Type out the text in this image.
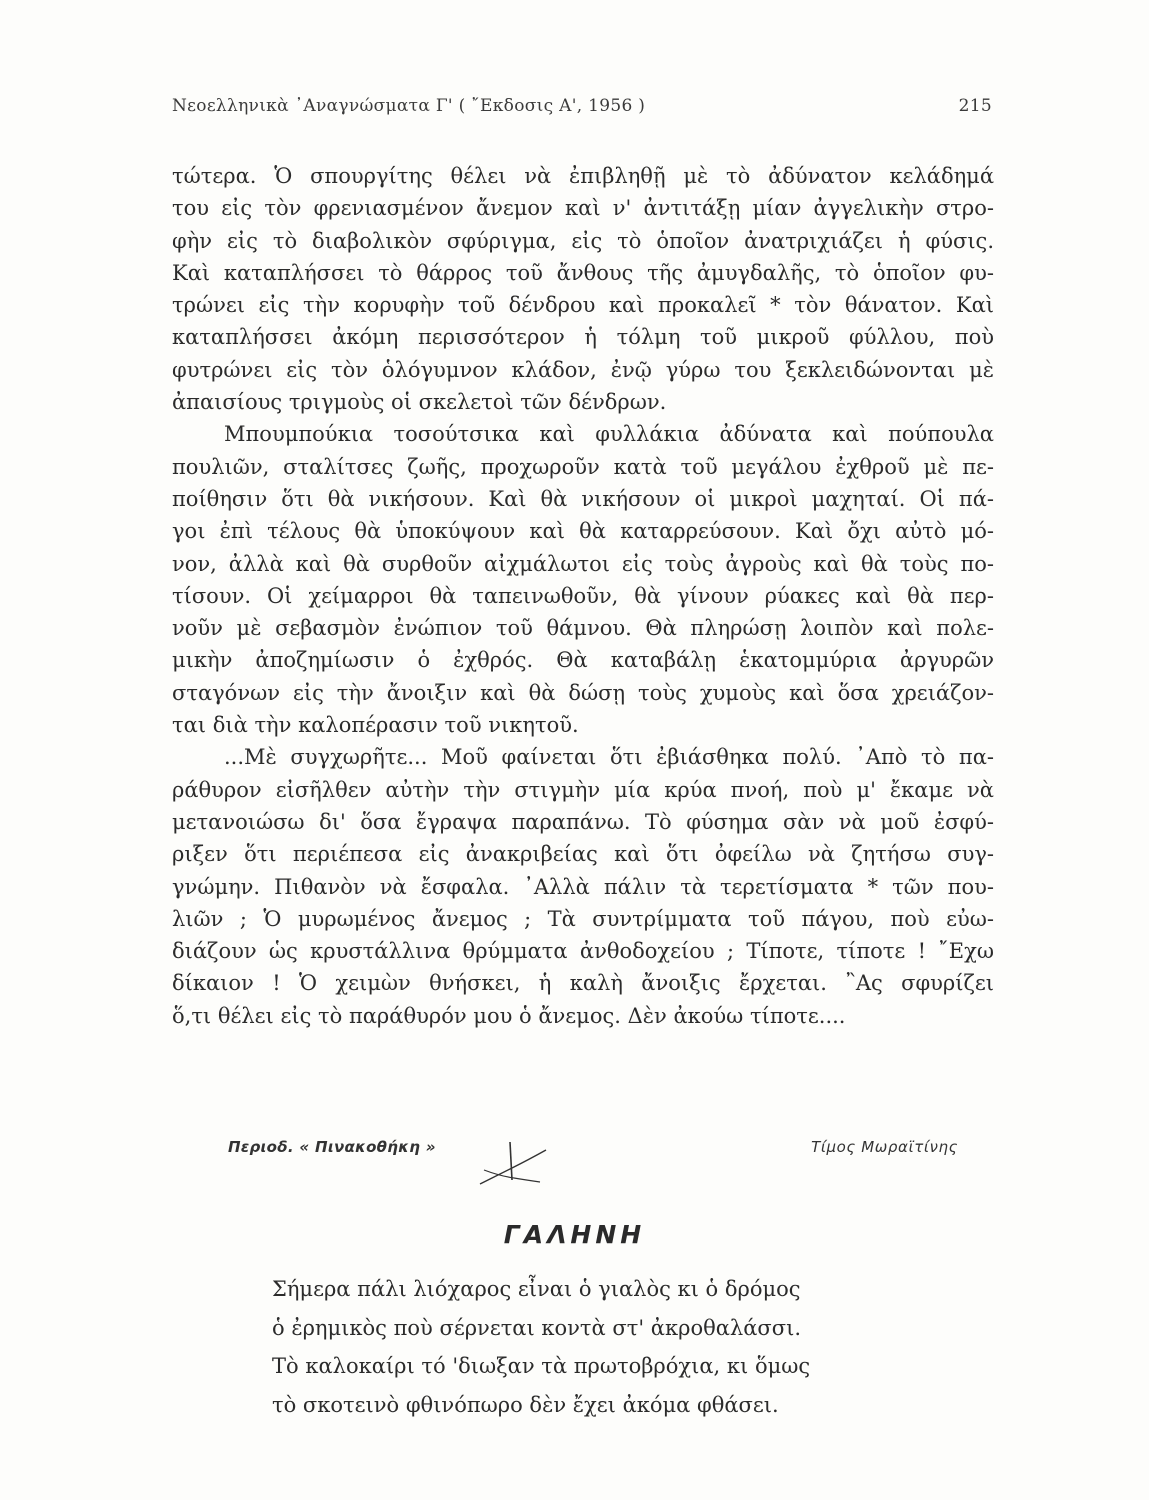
Νεοελληνικὰ ᾿Αναγνώσματα Γ' ( ῎Εκδοσις Α', 1956 )	215
τώτερα. Ὁ σπουργίτης θέλει νὰ ἐπιβληθῇ μὲ τὸ ἀδύνατον κελάδημά
του εἰς τὸν φρενιασμένον ἄνεμον καὶ ν' ἀντιτάξῃ μίαν ἀγγελικὴν στρο-
φὴν εἰς τὸ διαβολικὸν σφύριγμα, εἰς τὸ ὁποῖον ἀνατριχιάζει ἡ φύσις.
Καὶ καταπλήσσει τὸ θάρρος τοῦ ἄνθους τῆς ἀμυγδαλῆς, τὸ ὁποῖον φυ-
τρώνει εἰς τὴν κορυφὴν τοῦ δένδρου καὶ προκαλεῖ * τὸν θάνατον. Καὶ
καταπλήσσει ἀκόμη περισσότερον ἡ τόλμη τοῦ μικροῦ φύλλου, ποὺ
φυτρώνει εἰς τὸν ὁλόγυμνον κλάδον, ἐνῷ γύρω του ξεκλειδώνονται μὲ
ἀπαισίους τριγμοὺς οἱ σκελετοὶ τῶν δένδρων.
Μπουμπούκια τοσούτσικα καὶ φυλλάκια ἀδύνατα καὶ πούπουλα
πουλιῶν, σταλίτσες ζωῆς, προχωροῦν κατὰ τοῦ μεγάλου ἐχθροῦ μὲ πε-
ποίθησιν ὅτι θὰ νικήσουν. Καὶ θὰ νικήσουν οἱ μικροὶ μαχηταί. Οἱ πά-
γοι ἐπὶ τέλους θὰ ὑποκύψουν καὶ θὰ καταρρεύσουν. Καὶ ὄχι αὐτὸ μό-
νον, ἀλλὰ καὶ θὰ συρθοῦν αἰχμάλωτοι εἰς τοὺς ἀγροὺς καὶ θὰ τοὺς πο-
τίσουν. Οἱ χείμαρροι θὰ ταπεινωθοῦν, θὰ γίνουν ρύακες καὶ θὰ περ-
νοῦν μὲ σεβασμὸν ἐνώπιον τοῦ θάμνου. Θὰ πληρώσῃ λοιπὸν καὶ πολε-
μικὴν ἀποζημίωσιν ὁ ἐχθρός. Θὰ καταβάλῃ ἑκατομμύρια ἀργυρῶν
σταγόνων εἰς τὴν ἄνοιξιν καὶ θὰ δώσῃ τοὺς χυμοὺς καὶ ὅσα χρειάζον-
ται διὰ τὴν καλοπέρασιν τοῦ νικητοῦ.
...Μὲ συγχωρῆτε... Μοῦ φαίνεται ὅτι ἐβιάσθηκα πολύ. ᾿Απὸ τὸ πα-
ράθυρον εἰσῆλθεν αὐτὴν τὴν στιγμὴν μία κρύα πνοή, ποὺ μ' ἔκαμε νὰ
μετανοιώσω δι' ὅσα ἔγραψα παραπάνω. Τὸ φύσημα σὰν νὰ μοῦ ἐσφύ-
ριξεν ὅτι περιέπεσα εἰς ἀνακριβείας καὶ ὅτι ὀφείλω νὰ ζητήσω συγ-
γνώμην. Πιθανὸν νὰ ἔσφαλα. ᾿Αλλὰ πάλιν τὰ τερετίσματα * τῶν που-
λιῶν ; Ὁ μυρωμένος ἄνεμος ; Τὰ συντρίμματα τοῦ πάγου, ποὺ εὐω-
διάζουν ὡς κρυστάλλινα θρύμματα ἀνθοδοχείου ; Τίποτε, τίποτε ! ῎Εχω
δίκαιον ! Ὁ χειμὼν θνήσκει, ἡ καλὴ ἄνοιξις ἔρχεται. ῍Ας σφυρίζει
ὅ,τι θέλει εἰς τὸ παράθυρόν μου ὁ ἄνεμος. Δὲν ἀκούω τίποτε....
Περιοδ. « Πινακοθήκη »	Τίμος Μωραϊτίνης
ΓΑΛΗΝΗ
Σήμερα πάλι λιόχαρος εἶναι ὁ γιαλὸς κι ὁ δρόμος
ὁ ἐρημικὸς ποὺ σέρνεται κοντὰ στ' ἀκροθαλάσσι.
Τὸ καλοκαίρι τό 'διωξαν τὰ πρωτοβρόχια, κι ὅμως
τὸ σκοτεινὸ φθινόπωρο δὲν ἔχει ἀκόμα φθάσει.
